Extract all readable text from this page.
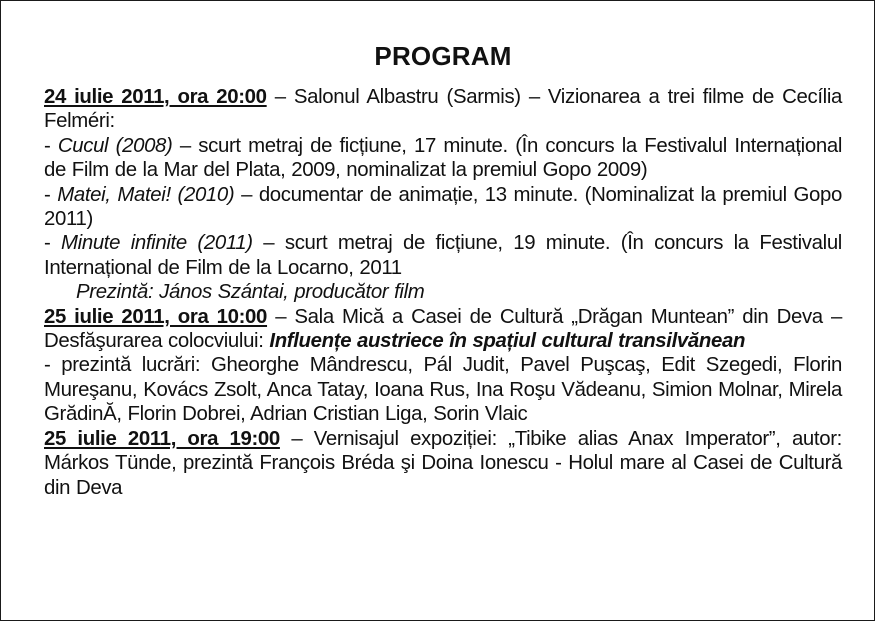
PROGRAM

24 iulie 2011, ora 20:00 – Salonul Albastru (Sarmis) – Vizionarea a trei filme de Cecília Felméri:

- Cucul (2008) – scurt metraj de ficțiune, 17 minute. (În concurs la Festivalul Internațional de Film de la Mar del Plata, 2009, nominalizat la premiul Gopo 2009)

- Matei, Matei! (2010) – documentar de animație, 13 minute. (Nominalizat la premiul Gopo 2011)

- Minute infinite (2011) – scurt metraj de ficțiune, 19 minute. (În concurs la Festivalul Internațional de Film de la Locarno, 2011

Prezintă: János Szántai, producător film

25 iulie 2011, ora 10:00 – Sala Mică a Casei de Cultură „Drăgan Muntean” din Deva – Desfăşurarea colocviului: Influențe austriece în spațiul cultural transilvănean

- prezintă lucrări: Gheorghe Mândrescu, Pál Judit, Pavel Puşcaş, Edit Szegedi, Florin Mureşanu, Kovács Zsolt, Anca Tatay, Ioana Rus, Ina Roşu Vădeanu, Simion Molnar, Mirela GrădinĂ, Florin Dobrei, Adrian Cristian Liga, Sorin Vlaic

25 iulie 2011, ora 19:00 – Vernisajul expoziției: „Tibike alias Anax Imperator”, autor: Márkos Tünde, prezintă François Bréda şi Doina Ionescu - Holul mare al Casei de Cultură din Deva
